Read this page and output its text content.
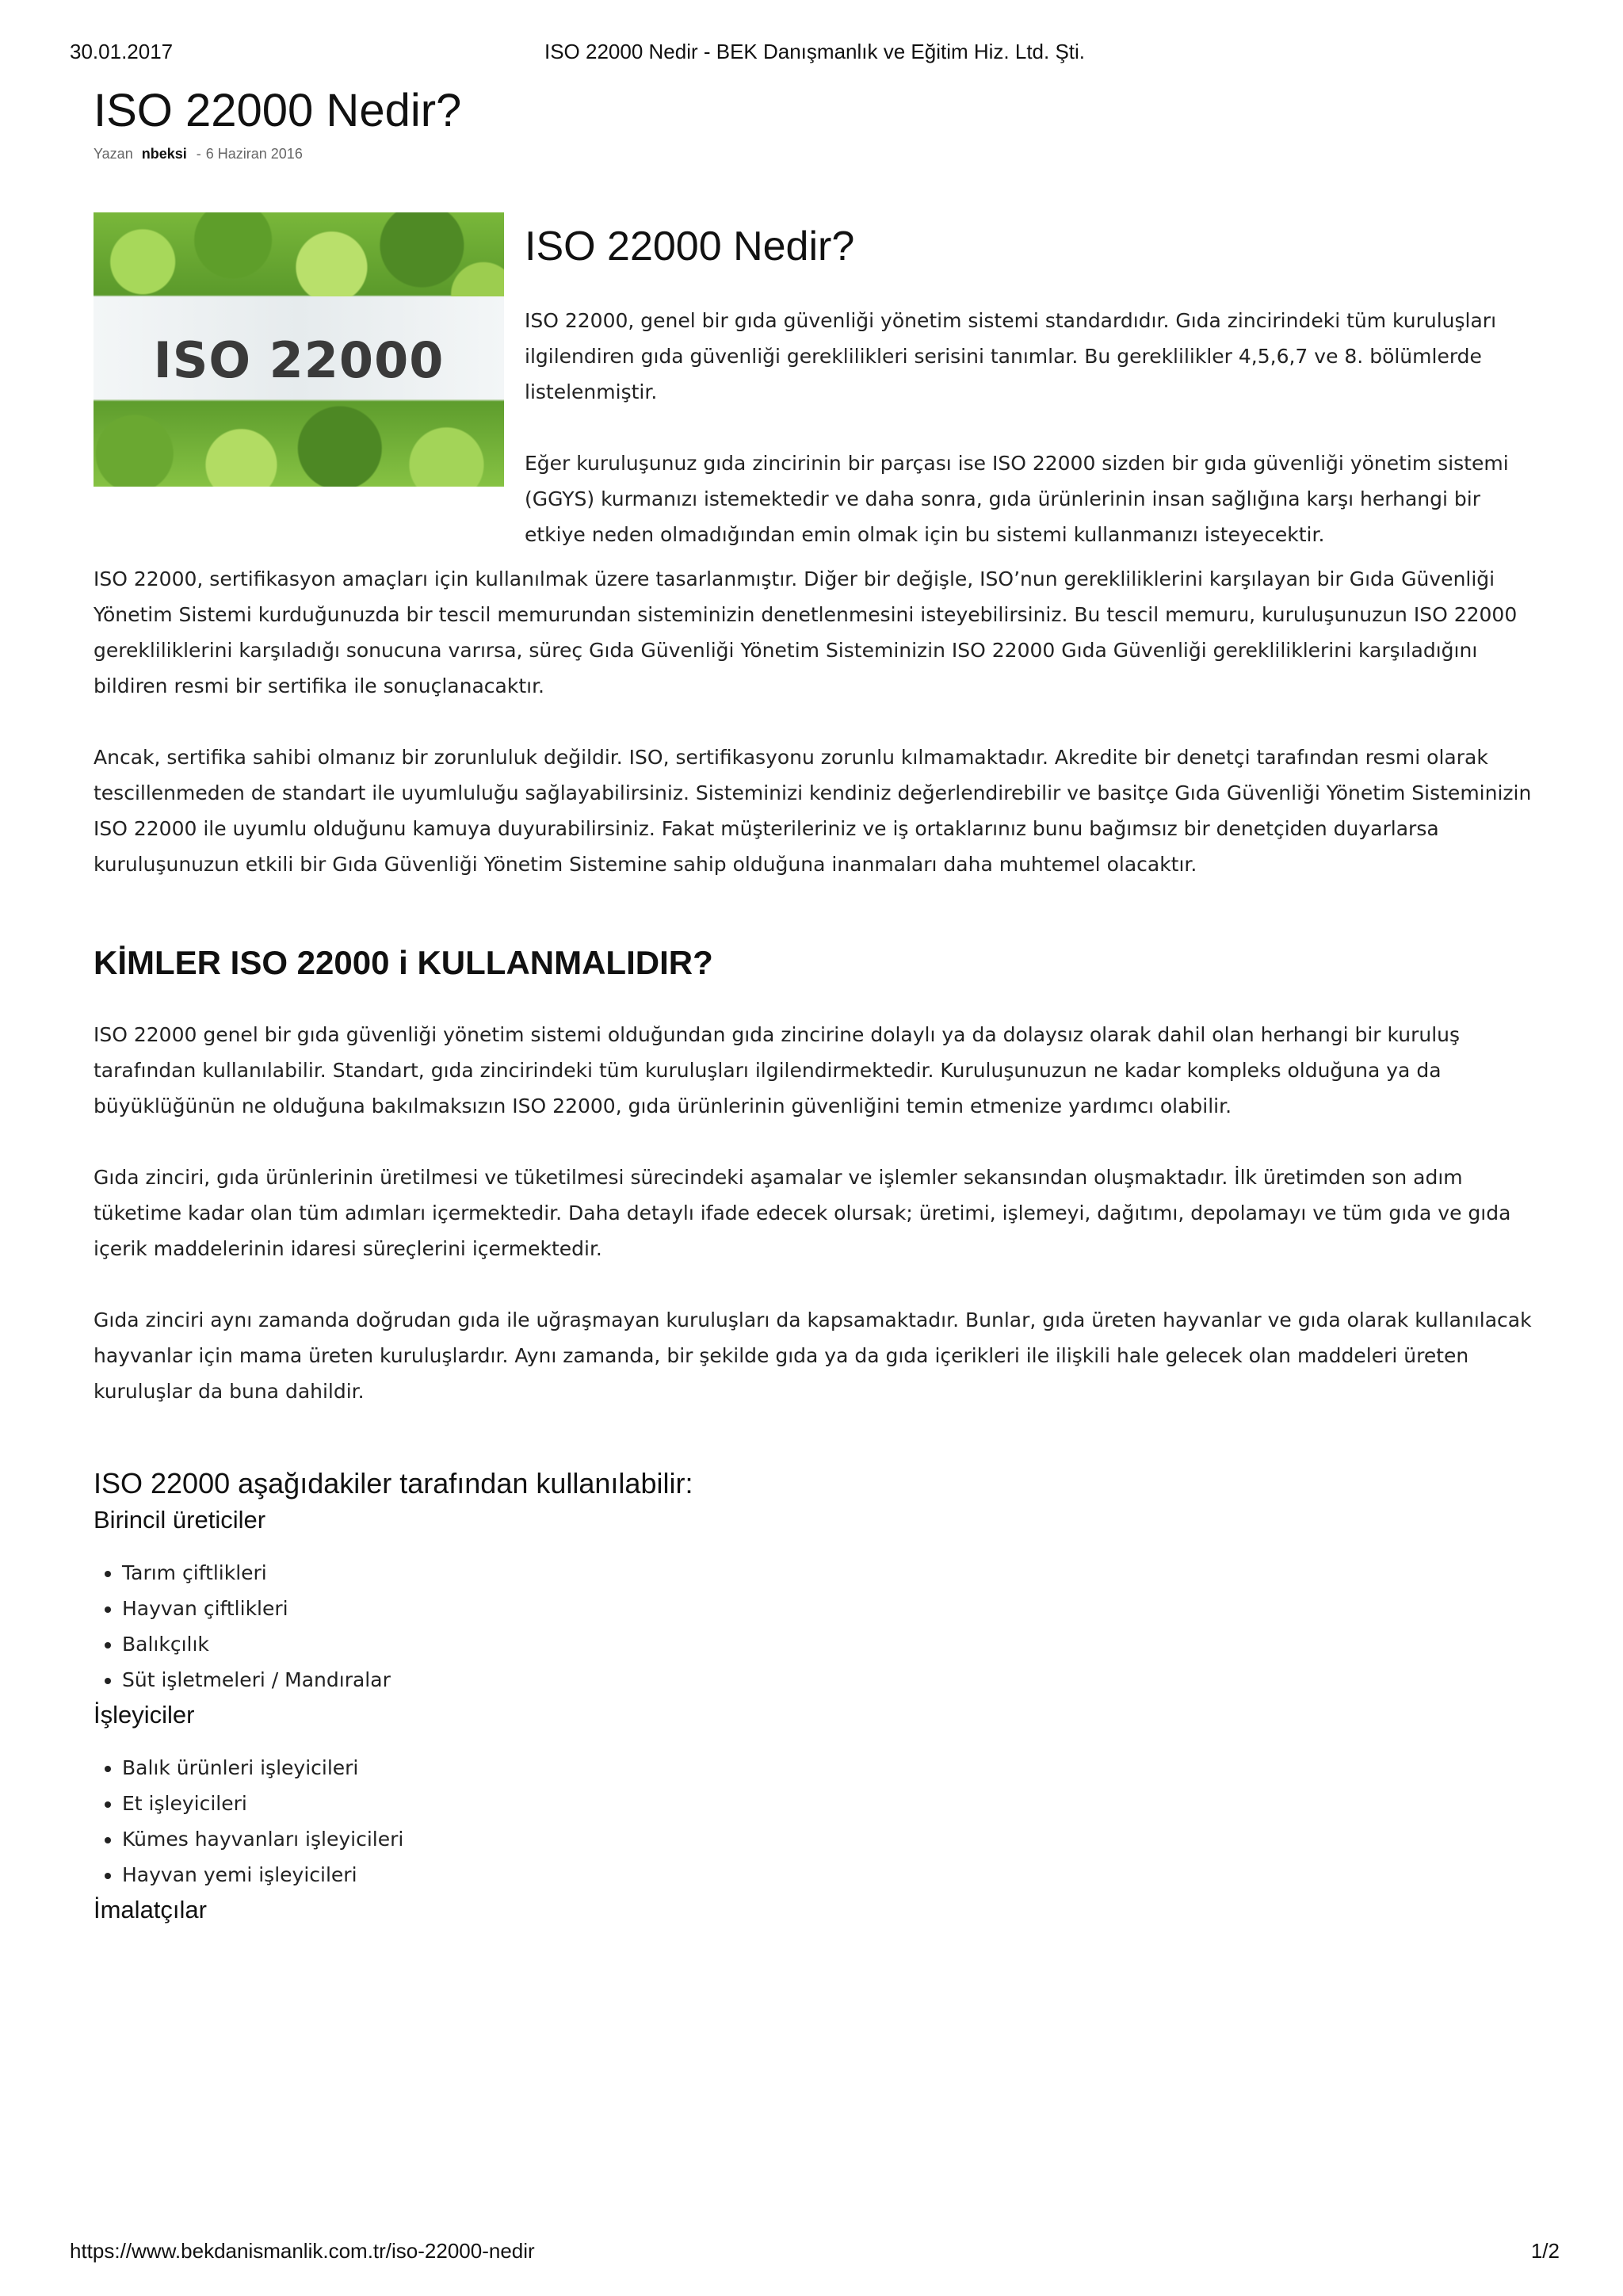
30.01.2017	ISO 22000 Nedir - BEK Danışmanlık ve Eğitim Hiz. Ltd. Şti.
ISO 22000 Nedir?
Yazan nbeksi - 6 Haziran 2016
ISO 22000
ISO 22000 Nedir?

ISO 22000, genel bir gıda güvenliği yönetim sistemi standardıdır. Gıda zincirindeki tüm kuruluşları ilgilendiren gıda güvenliği gereklilikleri serisini tanımlar. Bu gereklilikler 4,5,6,7 ve 8. bölümlerde listelenmiştir.

Eğer kuruluşunuz gıda zincirinin bir parçası ise ISO 22000 sizden bir gıda güvenliği yönetim sistemi (GGYS) kurmanızı istemektedir ve daha sonra, gıda ürünlerinin insan sağlığına karşı herhangi bir etkiye neden olmadığından emin olmak için bu sistemi kullanmanızı isteyecektir.

ISO 22000, sertifikasyon amaçları için kullanılmak üzere tasarlanmıştır. Diğer bir değişle, ISO’nun gerekliliklerini karşılayan bir Gıda Güvenliği Yönetim Sistemi kurduğunuzda bir tescil memurundan sisteminizin denetlenmesini isteyebilirsiniz. Bu tescil memuru, kuruluşunuzun ISO 22000 gerekliliklerini karşıladığı sonucuna varırsa, süreç Gıda Güvenliği Yönetim Sisteminizin ISO 22000 Gıda Güvenliği gerekliliklerini karşıladığını bildiren resmi bir sertifika ile sonuçlanacaktır.

Ancak, sertifika sahibi olmanız bir zorunluluk değildir. ISO, sertifikasyonu zorunlu kılmamaktadır. Akredite bir denetçi tarafından resmi olarak tescillenmeden de standart ile uyumluluğu sağlayabilirsiniz. Sisteminizi kendiniz değerlendirebilir ve basitçe Gıda Güvenliği Yönetim Sisteminizin ISO 22000 ile uyumlu olduğunu kamuya duyurabilirsiniz. Fakat müşterileriniz ve iş ortaklarınız bunu bağımsız bir denetçiden duyarlarsa kuruluşunuzun etkili bir Gıda Güvenliği Yönetim Sistemine sahip olduğuna inanmaları daha muhtemel olacaktır.

KİMLER ISO 22000 i KULLANMALIDIR?

ISO 22000 genel bir gıda güvenliği yönetim sistemi olduğundan gıda zincirine dolaylı ya da dolaysız olarak dahil olan herhangi bir kuruluş tarafından kullanılabilir. Standart, gıda zincirindeki tüm kuruluşları ilgilendirmektedir. Kuruluşunuzun ne kadar kompleks olduğuna ya da büyüklüğünün ne olduğuna bakılmaksızın ISO 22000, gıda ürünlerinin güvenliğini temin etmenize yardımcı olabilir.

Gıda zinciri, gıda ürünlerinin üretilmesi ve tüketilmesi sürecindeki aşamalar ve işlemler sekansından oluşmaktadır. İlk üretimden son adım tüketime kadar olan tüm adımları içermektedir. Daha detaylı ifade edecek olursak; üretimi, işlemeyi, dağıtımı, depolamayı ve tüm gıda ve gıda içerik maddelerinin idaresi süreçlerini içermektedir.

Gıda zinciri aynı zamanda doğrudan gıda ile uğraşmayan kuruluşları da kapsamaktadır. Bunlar, gıda üreten hayvanlar ve gıda olarak kullanılacak hayvanlar için mama üreten kuruluşlardır. Aynı zamanda, bir şekilde gıda ya da gıda içerikleri ile ilişkili hale gelecek olan maddeleri üreten kuruluşlar da buna dahildir.

ISO 22000 aşağıdakiler tarafından kullanılabilir:
Birincil üreticiler
• Tarım çiftlikleri
• Hayvan çiftlikleri
• Balıkçılık
• Süt işletmeleri / Mandıralar
İşleyiciler
• Balık ürünleri işleyicileri
• Et işleyicileri
• Kümes hayvanları işleyicileri
• Hayvan yemi işleyicileri
İmalatçılar
https://www.bekdanismanlik.com.tr/iso-22000-nedir	1/2
